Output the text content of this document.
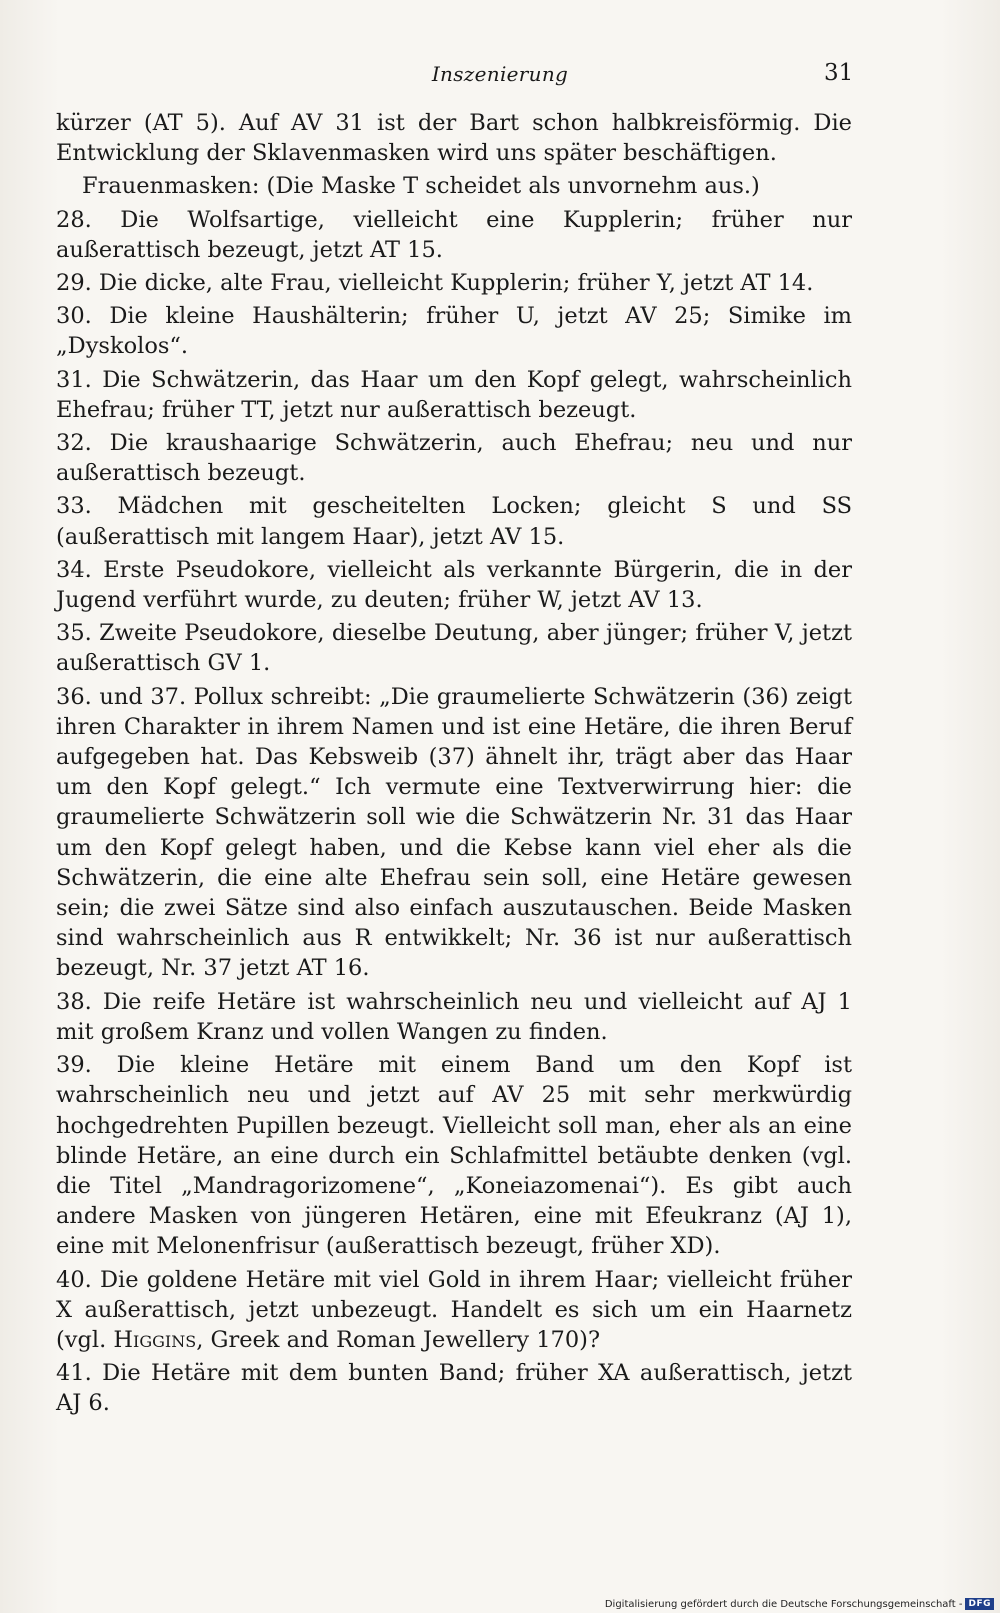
Inszenierung	31

kürzer (AT 5). Auf AV 31 ist der Bart schon halbkreisförmig. Die Entwicklung der Sklavenmasken wird uns später beschäftigen.

Frauenmasken: (Die Maske T scheidet als unvornehm aus.)

28. Die Wolfsartige, vielleicht eine Kupplerin; früher nur außerattisch bezeugt, jetzt AT 15.

29. Die dicke, alte Frau, vielleicht Kupplerin; früher Y, jetzt AT 14.

30. Die kleine Haushälterin; früher U, jetzt AV 25; Simike im „Dyskolos“.

31. Die Schwätzerin, das Haar um den Kopf gelegt, wahrscheinlich Ehefrau; früher TT, jetzt nur außerattisch bezeugt.

32. Die kraushaarige Schwätzerin, auch Ehefrau; neu und nur außerattisch bezeugt.

33. Mädchen mit gescheitelten Locken; gleicht S und SS (außerattisch mit langem Haar), jetzt AV 15.

34. Erste Pseudokore, vielleicht als verkannte Bürgerin, die in der Jugend verführt wurde, zu deuten; früher W, jetzt AV 13.

35. Zweite Pseudokore, dieselbe Deutung, aber jünger; früher V, jetzt außerattisch GV 1.

36. und 37. Pollux schreibt: „Die graumelierte Schwätzerin (36) zeigt ihren Charakter in ihrem Namen und ist eine Hetäre, die ihren Beruf aufgegeben hat. Das Kebsweib (37) ähnelt ihr, trägt aber das Haar um den Kopf gelegt.“ Ich vermute eine Textverwirrung hier: die graumelierte Schwätzerin soll wie die Schwätzerin Nr. 31 das Haar um den Kopf gelegt haben, und die Kebse kann viel eher als die Schwätzerin, die eine alte Ehefrau sein soll, eine Hetäre gewesen sein; die zwei Sätze sind also einfach auszutauschen. Beide Masken sind wahrscheinlich aus R entwikkelt; Nr. 36 ist nur außerattisch bezeugt, Nr. 37 jetzt AT 16.

38. Die reife Hetäre ist wahrscheinlich neu und vielleicht auf AJ 1 mit großem Kranz und vollen Wangen zu finden.

39. Die kleine Hetäre mit einem Band um den Kopf ist wahrscheinlich neu und jetzt auf AV 25 mit sehr merkwürdig hochgedrehten Pupillen bezeugt. Vielleicht soll man, eher als an eine blinde Hetäre, an eine durch ein Schlafmittel betäubte denken (vgl. die Titel „Mandragorizomene“, „Koneiazomenai“). Es gibt auch andere Masken von jüngeren Hetären, eine mit Efeukranz (AJ 1), eine mit Melonenfrisur (außerattisch bezeugt, früher XD).

40. Die goldene Hetäre mit viel Gold in ihrem Haar; vielleicht früher X außerattisch, jetzt unbezeugt. Handelt es sich um ein Haarnetz (vgl. Higgins, Greek and Roman Jewellery 170)?

41. Die Hetäre mit dem bunten Band; früher XA außerattisch, jetzt AJ 6.

Digitalisierung gefördert durch die Deutsche Forschungsgemeinschaft - DFG
